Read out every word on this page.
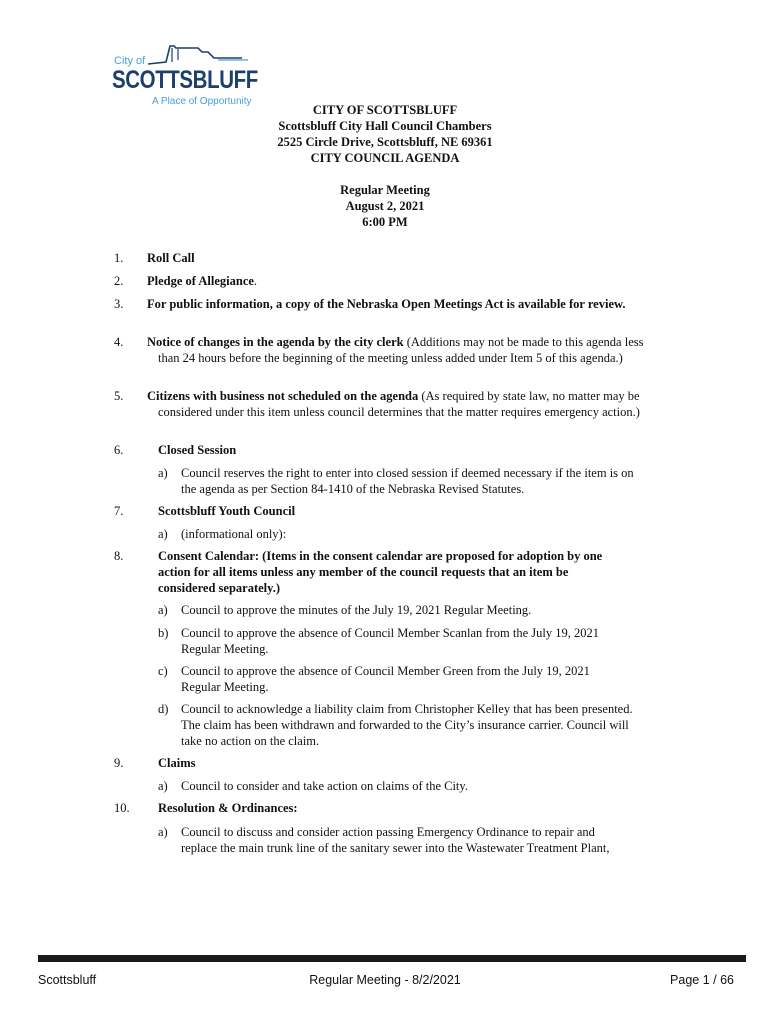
City of
SCOTTSBLUFF
A Place of Opportunity
CITY OF SCOTTSBLUFF
Scottsbluff City Hall Council Chambers
2525 Circle Drive, Scottsbluff, NE 69361
CITY COUNCIL AGENDA
Regular Meeting
August 2, 2021
6:00 PM
1. Roll Call
2. Pledge of Allegiance.
3.	For public information, a copy of the Nebraska Open Meetings Act is available for review.
4. Notice of changes in the agenda by the city clerk (Additions may not be made to this agenda less than 24 hours before the beginning of the meeting unless added under Item 5 of this agenda.)
5. Citizens with business not scheduled on the agenda (As required by state law, no matter may be considered under this item unless council determines that the matter requires emergency action.)
6.	Closed Session
a) Council reserves the right to enter into closed session if deemed necessary if the item is on the agenda as per Section 84-1410 of the Nebraska Revised Statutes.
7.	Scottsbluff Youth Council
a) (informational only):
8.	Consent Calendar: (Items in the consent calendar are proposed for adoption by one action for all items unless any member of the council requests that an item be considered separately.)
a) Council to approve the minutes of the July 19, 2021 Regular Meeting.
b) Council to approve the absence of Council Member Scanlan from the July 19, 2021 Regular Meeting.
c) Council to approve the absence of Council Member Green from the July 19, 2021 Regular Meeting.
d) Council to acknowledge a liability claim from Christopher Kelley that has been presented. The claim has been withdrawn and forwarded to the City’s insurance carrier. Council will take no action on the claim.
9.	Claims
a) Council to consider and take action on claims of the City.
10. Resolution & Ordinances:
a) Council to discuss and consider action passing Emergency Ordinance to repair and replace the main trunk line of the sanitary sewer into the Wastewater Treatment Plant,
Scottsbluff	Regular Meeting - 8/2/2021	Page 1 / 66
